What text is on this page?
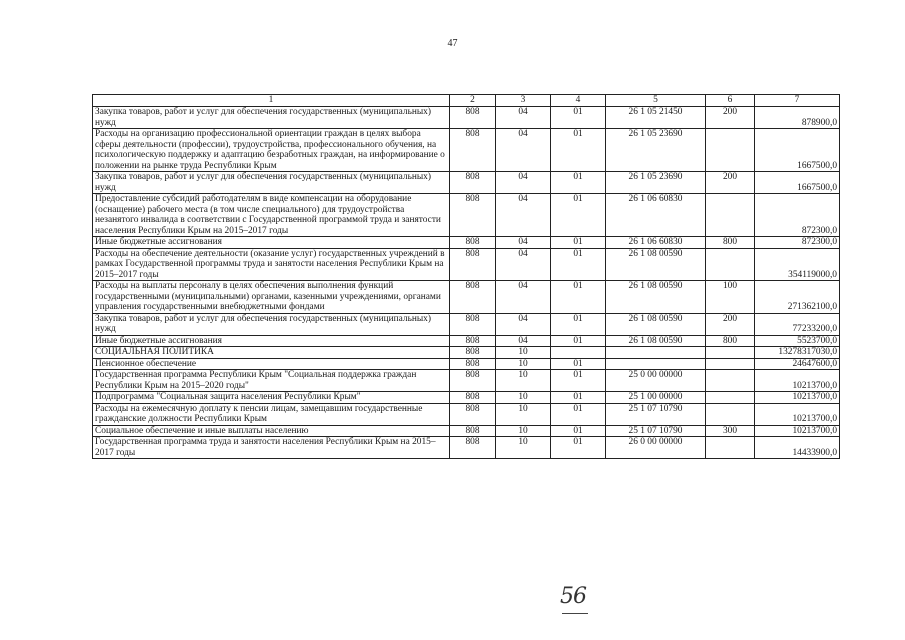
47
1	2	3	4	5	6	7
Закупка товаров, работ и услуг для обеспечения государственных (муниципальных) нужд	808	04	01	26 1 05 21450	200	878900,0
Расходы на организацию профессиональной ориентации граждан в целях выбора сферы деятельности (профессии), трудоустройства, профессионального обучения, на психологическую поддержку и адаптацию безработных граждан, на информирование о положении на рынке труда Республики Крым	808	04	01	26 1 05 23690		1667500,0
Закупка товаров, работ и услуг для обеспечения государственных (муниципальных) нужд	808	04	01	26 1 05 23690	200	1667500,0
Предоставление субсидий работодателям в виде компенсации на оборудование (оснащение) рабочего места (в том числе специального) для трудоустройства незанятого инвалида в соответствии с Государственной программой труда и занятости населения Республики Крым на 2015–2017 годы	808	04	01	26 1 06 60830		872300,0
Иные бюджетные ассигнования	808	04	01	26 1 06 60830	800	872300,0
Расходы на обеспечение деятельности (оказание услуг) государственных учреждений в рамках Государственной программы труда и занятости населения Республики Крым на 2015–2017 годы	808	04	01	26 1 08 00590		354119000,0
Расходы на выплаты персоналу в целях обеспечения выполнения функций государственными (муниципальными) органами, казенными учреждениями, органами управления государственными внебюджетными фондами	808	04	01	26 1 08 00590	100	271362100,0
Закупка товаров, работ и услуг для обеспечения государственных (муниципальных) нужд	808	04	01	26 1 08 00590	200	77233200,0
Иные бюджетные ассигнования	808	04	01	26 1 08 00590	800	5523700,0
СОЦИАЛЬНАЯ ПОЛИТИКА	808	10				13278317030,0
Пенсионное обеспечение	808	10	01			24647600,0
Государственная программа Республики Крым "Социальная поддержка граждан Республики Крым на 2015–2020 годы"	808	10	01	25 0 00 00000		10213700,0
Подпрограмма "Социальная защита населения Республики Крым"	808	10	01	25 1 00 00000		10213700,0
Расходы на ежемесячную доплату к пенсии лицам, замещавшим государственные гражданские должности Республики Крым	808	10	01	25 1 07 10790		10213700,0
Социальное обеспечение и иные выплаты населению	808	10	01	25 1 07 10790	300	10213700,0
Государственная программа труда и занятости населения Республики Крым на 2015–2017 годы	808	10	01	26 0 00 00000		14433900,0
56
